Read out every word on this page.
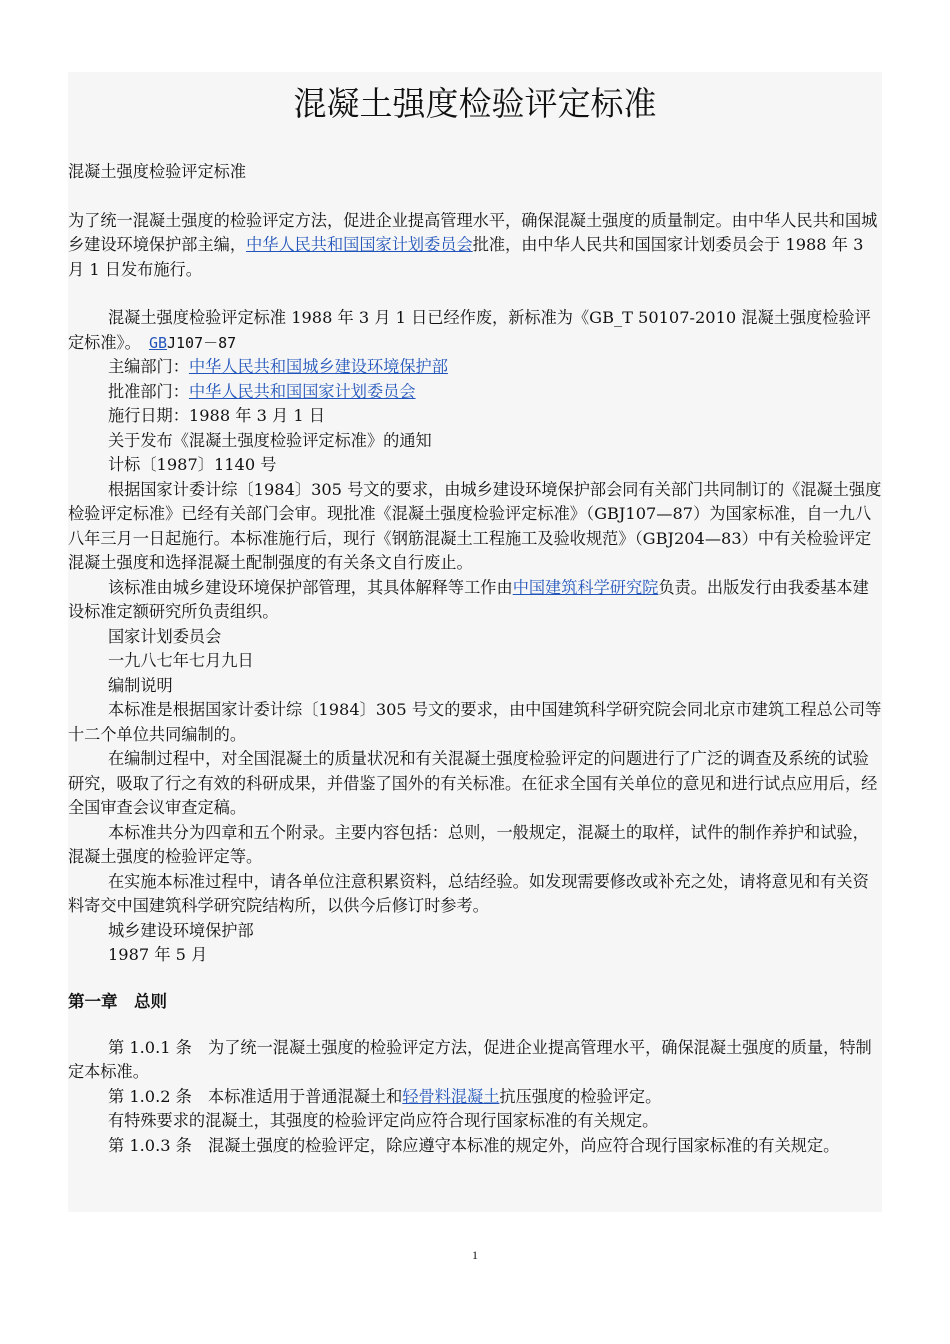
混凝土强度检验评定标准

混凝土强度检验评定标准

为了统一混凝土强度的检验评定方法，促进企业提高管理水平，确保混凝土强度的质量制定。由中华人民共和国城乡建设环境保护部主编，中华人民共和国国家计划委员会批准，由中华人民共和国国家计划委员会于 1988 年 3 月 1 日发布施行。

混凝土强度检验评定标准 1988 年 3 月 1 日已经作废，新标准为《GB_T 50107-2010 混凝土强度检验评定标准》。　 GBJ107－87

主编部门：中华人民共和国城乡建设环境保护部

批准部门：中华人民共和国国家计划委员会

施行日期：1988 年 3 月 1 日

关于发布《混凝土强度检验评定标准》的通知

计标〔1987〕1140 号

根据国家计委计综〔1984〕305 号文的要求，由城乡建设环境保护部会同有关部门共同制订的《混凝土强度检验评定标准》已经有关部门会审。现批准《混凝土强度检验评定标准》（GBJ107—87）为国家标准，自一九八八年三月一日起施行。本标准施行后，现行《钢筋混凝土工程施工及验收规范》（GBJ204—83）中有关检验评定混凝土强度和选择混凝土配制强度的有关条文自行废止。

该标准由城乡建设环境保护部管理，其具体解释等工作由中国建筑科学研究院负责。出版发行由我委基本建设标准定额研究所负责组织。

国家计划委员会

一九八七年七月九日

编制说明

本标准是根据国家计委计综〔1984〕305 号文的要求，由中国建筑科学研究院会同北京市建筑工程总公司等十二个单位共同编制的。

在编制过程中，对全国混凝土的质量状况和有关混凝土强度检验评定的问题进行了广泛的调查及系统的试验研究，吸取了行之有效的科研成果，并借鉴了国外的有关标准。在征求全国有关单位的意见和进行试点应用后，经全国审查会议审查定稿。

本标准共分为四章和五个附录。主要内容包括：总则，一般规定，混凝土的取样，试件的制作养护和试验，混凝土强度的检验评定等。

在实施本标准过程中，请各单位注意积累资料，总结经验。如发现需要修改或补充之处，请将意见和有关资料寄交中国建筑科学研究院结构所，以供今后修订时参考。

城乡建设环境保护部

1987 年 5 月

第一章　总则

第 1.0.1 条　为了统一混凝土强度的检验评定方法，促进企业提高管理水平，确保混凝土强度的质量，特制定本标准。

第 1.0.2 条　本标准适用于普通混凝土和轻骨料混凝土抗压强度的检验评定。

有特殊要求的混凝土，其强度的检验评定尚应符合现行国家标准的有关规定。

第 1.0.3 条　混凝土强度的检验评定，除应遵守本标准的规定外，尚应符合现行国家标准的有关规定。

1
